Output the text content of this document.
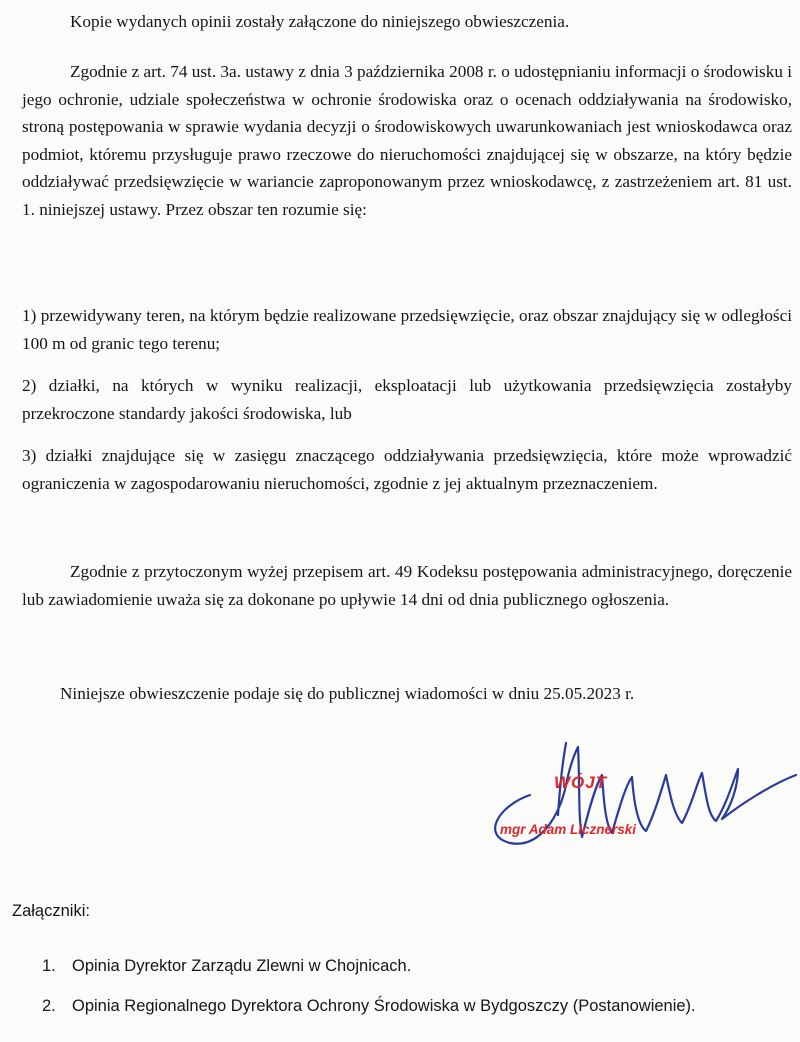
Kopie wydanych opinii zostały załączone do niniejszego obwieszczenia.

Zgodnie z art. 74 ust. 3a. ustawy z dnia 3 października 2008 r. o udostępnianiu informacji o środowisku i jego ochronie, udziale społeczeństwa w ochronie środowiska oraz o ocenach oddziaływania na środowisko, stroną postępowania w sprawie wydania decyzji o środowiskowych uwarunkowaniach jest wnioskodawca oraz podmiot, któremu przysługuje prawo rzeczowe do nieruchomości znajdującej się w obszarze, na który będzie oddziaływać przedsięwzięcie w wariancie zaproponowanym przez wnioskodawcę, z zastrzeżeniem art. 81 ust. 1. niniejszej ustawy. Przez obszar ten rozumie się:

1) przewidywany teren, na którym będzie realizowane przedsięwzięcie, oraz obszar znajdujący się w odległości 100 m od granic tego terenu;

2) działki, na których w wyniku realizacji, eksploatacji lub użytkowania przedsięwzięcia zostałyby przekroczone standardy jakości środowiska, lub

3) działki znajdujące się w zasięgu znaczącego oddziaływania przedsięwzięcia, które może wprowadzić ograniczenia w zagospodarowaniu nieruchomości, zgodnie z jej aktualnym przeznaczeniem.

Zgodnie z przytoczonym wyżej przepisem art. 49 Kodeksu postępowania administracyjnego, doręczenie lub zawiadomienie uważa się za dokonane po upływie 14 dni od dnia publicznego ogłoszenia.

Niniejsze obwieszczenie podaje się do publicznej wiadomości w dniu 25.05.2023 r.

WÓJT
mgr Adam Licznerski
Załączniki:
1. Opinia Dyrektor Zarządu Zlewni w Chojnicach.
2. Opinia Regionalnego Dyrektora Ochrony Środowiska w Bydgoszczy (Postanowienie).
